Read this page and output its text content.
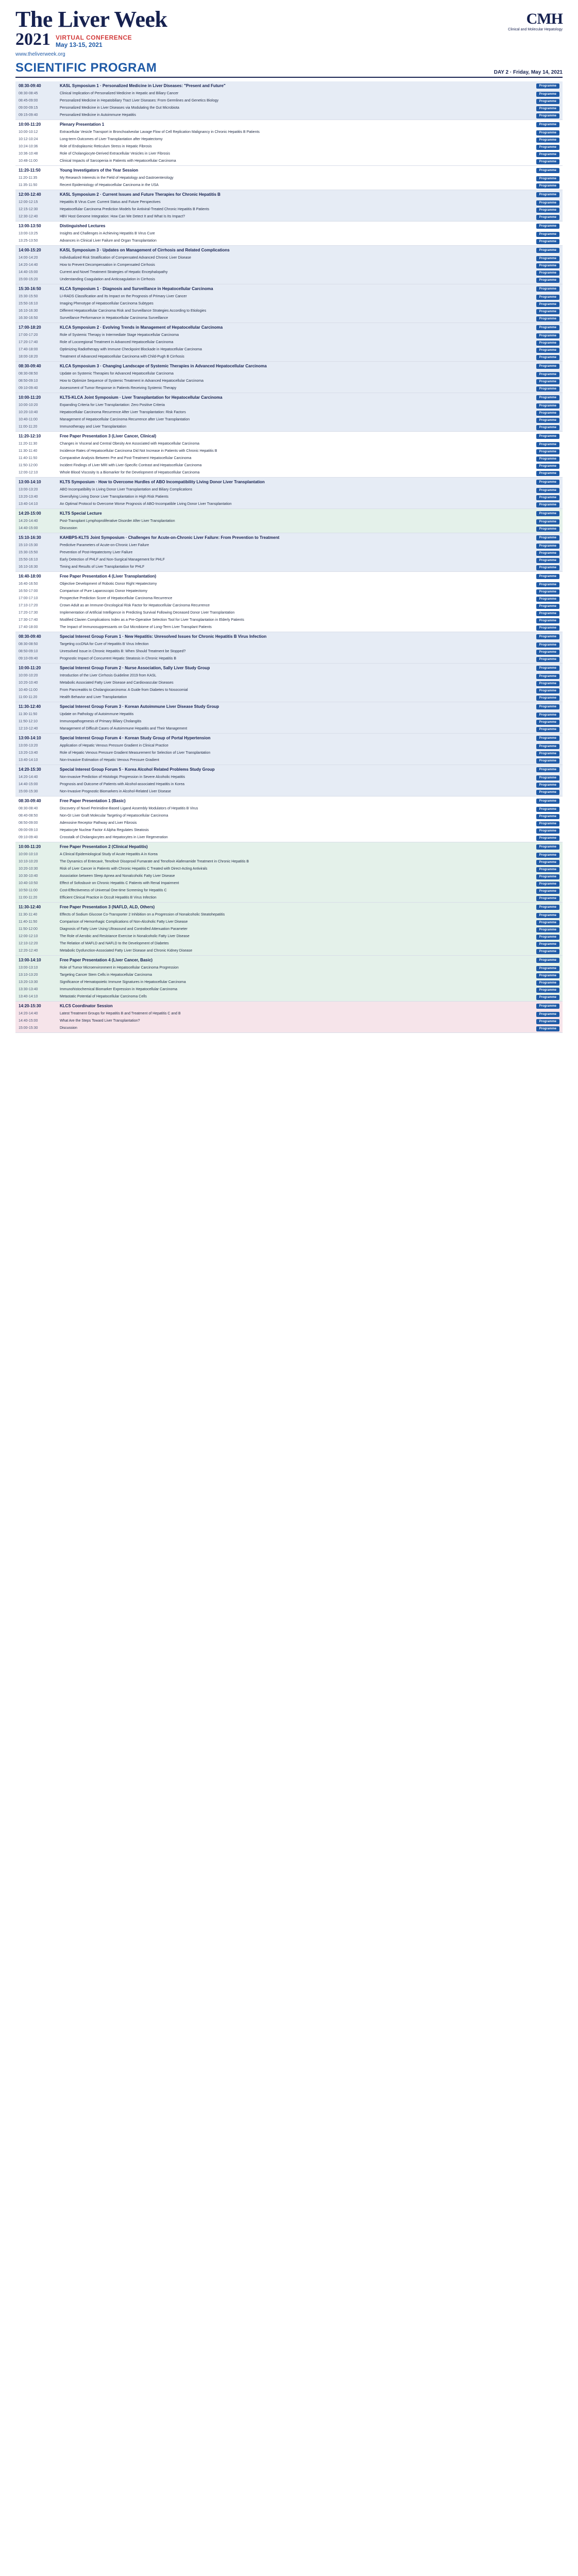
The Liver Week
2021 VIRTUAL CONFERENCE
May 13-15, 2021
www.theliverweek.org
CMH
Clinical and Molecular Hepatology
SCIENTIFIC PROGRAM	DAY 2 · Friday, May 14, 2021
08:30-09:40	KASL Symposium 1 · Personalized Medicine in Liver Diseases: "Present and Future"	Programme
08:30-08:45	Clinical Implication of Personalized Medicine in Hepatic and Biliary Cancer	Programme
08:45-09:00	Personalized Medicine in Hepatobiliary Tract Liver Diseases: From Germlines and Genetics Biology	Programme
09:00-09:15	Personalized Medicine in Liver Diseases via Modulating the Gut Microbiota	Programme
09:15-09:40	Personalized Medicine in Autoimmune Hepatitis	Programme
10:00-11:20	Plenary Presentation 1	Programme
10:00-10:12	Extracellular Vesicle Transport in Bronchoalveolar Lavage Flow of Cell Replication Malignancy in Chronic Hepatitis B Patients	Programme
10:12-10:24	Long-term Outcomes of Liver Transplantation after Hepatectomy	Programme
10:24-10:36	Role of Endoplasmic Reticulum Stress in Hepatic Fibrosis	Programme
10:36-10:48	Role of Cholangiocyte-Derived Extracellular Vesicles in Liver Fibrosis	Programme
10:48-11:00	Clinical Impacts of Sarcopenia in Patients with Hepatocellular Carcinoma	Programme
11:20-11:50	Young Investigators of the Year Session	Programme
11:20-11:35	My Research Interests in the Field of Hepatology and Gastroenterology	Programme
11:35-11:50	Recent Epidemiology of Hepatocellular Carcinoma in the USA	Programme
12:00-12:40	KASL Symposium 2 · Current Issues and Future Therapies for Chronic Hepatitis B	Programme
12:00-12:15	Hepatitis B Virus Cure: Current Status and Future Perspectives	Programme
12:15-12:30	Hepatocellular Carcinoma Prediction Models for Antiviral-Treated Chronic Hepatitis B Patients	Programme
12:30-12:40	HBV Host Genome Integration: How Can We Detect It and What Is Its Impact?	Programme
13:00-13:50	Distinguished Lectures	Programme
13:00-13:25	Insights and Challenges in Achieving Hepatitis B Virus Cure	Programme
13:25-13:50	Advances in Clinical Liver Failure and Organ Transplantation	Programme
14:00-15:20	KASL Symposium 3 · Updates on Management of Cirrhosis and Related Complications	Programme
14:00-14:20	Individualized Risk Stratification of Compensated Advanced Chronic Liver Disease	Programme
14:20-14:40	How to Prevent Decompensation in Compensated Cirrhosis	Programme
14:40-15:00	Current and Novel Treatment Strategies of Hepatic Encephalopathy	Programme
15:00-15:20	Understanding Coagulation and Anticoagulation in Cirrhosis	Programme
15:30-16:50	KLCA Symposium 1 · Diagnosis and Surveillance in Hepatocellular Carcinoma	Programme
15:30-15:50	LI-RADS Classification and Its Impact on the Prognosis of Primary Liver Cancer	Programme
15:50-16:10	Imaging Phenotype of Hepatocellular Carcinoma Subtypes	Programme
16:10-16:30	Different Hepatocellular Carcinoma Risk and Surveillance Strategies According to Etiologies	Programme
16:30-16:50	Surveillance Performance in Hepatocellular Carcinoma Surveillance	Programme
17:00-18:20	KLCA Symposium 2 · Evolving Trends in Management of Hepatocellular Carcinoma	Programme
17:00-17:20	Role of Systemic Therapy in Intermediate Stage Hepatocellular Carcinoma	Programme
17:20-17:40	Role of Locoregional Treatment in Advanced Hepatocellular Carcinoma	Programme
17:40-18:00	Optimizing Radiotherapy with Immune Checkpoint Blockade in Hepatocellular Carcinoma	Programme
18:00-18:20	Treatment of Advanced Hepatocellular Carcinoma with Child-Pugh B Cirrhosis	Programme
08:30-09:40	KLCA Symposium 3 · Changing Landscape of Systemic Therapies in Advanced Hepatocellular Carcinoma	Programme
08:30-08:50	Update on Systemic Therapies for Advanced Hepatocellular Carcinoma	Programme
08:50-09:10	How to Optimize Sequence of Systemic Treatment in Advanced Hepatocellular Carcinoma	Programme
09:10-09:40	Assessment of Tumor Response in Patients Receiving Systemic Therapy	Programme
10:00-11:20	KLTS-KLCA Joint Symposium · Liver Transplantation for Hepatocellular Carcinoma	Programme
10:00-10:20	Expanding Criteria for Liver Transplantation: Zero Positive Criteria	Programme
10:20-10:40	Hepatocellular Carcinoma Recurrence After Liver Transplantation: Risk Factors	Programme
10:40-11:00	Management of Hepatocellular Carcinoma Recurrence after Liver Transplantation	Programme
11:00-11:20	Immunotherapy and Liver Transplantation	Programme
11:20-12:10	Free Paper Presentation 3 (Liver Cancer, Clinical)	Programme
11:20-11:30	Changes in Visceral and Central Obesity Are Associated with Hepatocellular Carcinoma	Programme
11:30-11:40	Incidence Rates of Hepatocellular Carcinoma Did Not Increase in Patients with Chronic Hepatitis B	Programme
11:40-11:50	Comparative Analysis Between Pre and Post-Treatment Hepatocellular Carcinoma	Programme
11:50-12:00	Incident Findings of Liver MRI with Liver-Specific Contrast and Hepatocellular Carcinoma	Programme
12:00-12:10	Whole Blood Viscosity Is a Biomarker for the Development of Hepatocellular Carcinoma	Programme
13:00-14:10	KLTS Symposium · How to Overcome Hurdles of ABO Incompatibility Living Donor Liver Transplantation	Programme
13:00-13:20	ABO Incompatibility in Living Donor Liver Transplantation and Biliary Complications	Programme
13:20-13:40	Diversifying Living Donor Liver Transplantation in High Risk Patients	Programme
13:40-14:10	An Optimal Protocol to Overcome Worse Prognosis of ABO-Incompatible Living Donor Liver Transplantation	Programme
14:20-15:00	KLTS Special Lecture	Programme
14:20-14:40	Post-Transplant Lymphoproliferative Disorder After Liver Transplantation	Programme
14:40-15:00	Discussion	Programme
15:10-16:30	KAHBPS-KLTS Joint Symposium · Challenges for Acute-on-Chronic Liver Failure: From Prevention to Treatment	Programme
15:10-15:30	Predictive Parameters of Acute-on-Chronic Liver Failure	Programme
15:30-15:50	Prevention of Post-Hepatectomy Liver Failure	Programme
15:50-16:10	Early Detection of PHLF and Non-Surgical Management for PHLF	Programme
16:10-16:30	Timing and Results of Liver Transplantation for PHLF	Programme
16:40-18:00	Free Paper Presentation 4 (Liver Transplantation)	Programme
16:40-16:50	Objective Development of Robotic Donor Right Hepatectomy	Programme
16:50-17:00	Comparison of Pure Laparoscopic Donor Hepatectomy	Programme
17:00-17:10	Prospective Prediction Score of Hepatocellular Carcinoma Recurrence	Programme
17:10-17:20	Crown Adult as an Immune-Oncological Risk Factor for Hepatocellular Carcinoma Recurrence	Programme
17:20-17:30	Implementation of Artificial Intelligence in Predicting Survival Following Deceased Donor Liver Transplantation	Programme
17:30-17:40	Modified Clavien Complications Index as a Pre-Operative Selection Tool for Liver Transplantation in Elderly Patients	Programme
17:40-18:00	The Impact of Immunosuppressants on Gut Microbiome of Long-Term Liver Transplant Patients	Programme
08:30-09:40	Special Interest Group Forum 1 · New Hepatitis: Unresolved Issues for Chronic Hepatitis B Virus Infection	Programme
08:30-08:50	Targeting cccDNA for Cure of Hepatitis B Virus Infection	Programme
08:50-09:10	Unresolved Issue in Chronic Hepatitis B: When Should Treatment be Stopped?	Programme
09:10-09:40	Prognostic Impact of Concurrent Hepatic Steatosis in Chronic Hepatitis B	Programme
10:00-11:20	Special Interest Group Forum 2 · Nurse Association, Sally Liver Study Group	Programme
10:00-10:20	Introduction of the Liver Cirrhosis Guideline 2019 from KASL	Programme
10:20-10:40	Metabolic Associated Fatty Liver Disease and Cardiovascular Diseases	Programme
10:40-11:00	From Pancreatitis to Cholangiocarcinoma: A Guide from Diabetes to Nosocomial	Programme
11:00-11:20	Health Behavior and Liver Transplantation	Programme
11:30-12:40	Special Interest Group Forum 3 · Korean Autoimmune Liver Disease Study Group	Programme
11:30-11:50	Update on Pathology of Autoimmune Hepatitis	Programme
11:50-12:10	Immunopathogenesis of Primary Biliary Cholangitis	Programme
12:10-12:40	Management of Difficult Cases of Autoimmune Hepatitis and Their Management	Programme
13:00-14:10	Special Interest Group Forum 4 · Korean Study Group of Portal Hypertension	Programme
13:00-13:20	Application of Hepatic Venous Pressure Gradient in Clinical Practice	Programme
13:20-13:40	Role of Hepatic Venous Pressure Gradient Measurement for Selection of Liver Transplantation	Programme
13:40-14:10	Non-Invasive Estimation of Hepatic Venous Pressure Gradient	Programme
14:20-15:30	Special Interest Group Forum 5 · Korea Alcohol Related Problems Study Group	Programme
14:20-14:40	Non-invasive Prediction of Histologic Progression in Severe Alcoholic Hepatitis	Programme
14:40-15:00	Prognosis and Outcome of Patients with Alcohol-associated Hepatitis in Korea	Programme
15:00-15:30	Non-Invasive Prognostic Biomarkers in Alcohol-Related Liver Disease	Programme
08:30-09:40	Free Paper Presentation 1 (Basic)	Programme
08:30-08:40	Discovery of Novel Perimidine-Based Ligand Assembly Modulators of Hepatitis B Virus	Programme
08:40-08:50	Non-GI Liver Graft Molecular Targeting of Hepatocellular Carcinoma	Programme
08:50-09:00	Adenosine Receptor Pathway and Liver Fibrosis	Programme
09:00-09:10	Hepatocyte Nuclear Factor 4 Alpha Regulates Steatosis	Programme
09:10-09:40	Crosstalk of Cholangiocytes and Hepatocytes in Liver Regeneration	Programme
10:00-11:20	Free Paper Presentation 2 (Clinical Hepatitis)	Programme
10:00-10:10	A Clinical Epidemiological Study of Acute Hepatitis A in Korea	Programme
10:10-10:20	The Dynamics of Entecavir, Tenofovir Disoproxil Fumarate and Tenofovir Alafenamide Treatment in Chronic Hepatitis B	Programme
10:20-10:30	Risk of Liver Cancer in Patients with Chronic Hepatitis C Treated with Direct-Acting Antivirals	Programme
10:30-10:40	Association between Sleep Apnea and Nonalcoholic Fatty Liver Disease	Programme
10:40-10:50	Effect of Sofosbuvir on Chronic Hepatitis C Patients with Renal Impairment	Programme
10:50-11:00	Cost-Effectiveness of Universal One-time Screening for Hepatitis C	Programme
11:00-11:20	Efficient Clinical Practice in Occult Hepatitis B Virus Infection	Programme
11:30-12:40	Free Paper Presentation 3 (NAFLD, ALD, Others)	Programme
11:30-11:40	Effects of Sodium Glucose Co-Transporter 2 Inhibition on a Progression of Nonalcoholic Steatohepatitis	Programme
11:40-11:50	Comparison of Hemorrhagic Complications of Non-Alcoholic Fatty Liver Disease	Programme
11:50-12:00	Diagnosis of Fatty Liver Using Ultrasound and Controlled Attenuation Parameter	Programme
12:00-12:10	The Role of Aerobic and Resistance Exercise in Nonalcoholic Fatty Liver Disease	Programme
12:10-12:20	The Relation of MAFLD and NAFLD to the Development of Diabetes	Programme
12:20-12:40	Metabolic Dysfunction-Associated Fatty Liver Disease and Chronic Kidney Disease	Programme
13:00-14:10	Free Paper Presentation 4 (Liver Cancer, Basic)	Programme
13:00-13:10	Role of Tumor Microenvironment in Hepatocellular Carcinoma Progression	Programme
13:10-13:20	Targeting Cancer Stem Cells in Hepatocellular Carcinoma	Programme
13:20-13:30	Significance of Hematopoietic Immune Signatures in Hepatocellular Carcinoma	Programme
13:30-13:40	Immunohistochemical Biomarker Expression in Hepatocellular Carcinoma	Programme
13:40-14:10	Metastatic Potential of Hepatocellular Carcinoma Cells	Programme
14:20-15:30	KLCS Coordinator Session	Programme
14:20-14:40	Latest Treatment Groups for Hepatitis B and Treatment of Hepatitis C and B	Programme
14:40-15:00	What Are the Steps Toward Liver Transplantation?	Programme
15:00-15:30	Discussion	Programme
